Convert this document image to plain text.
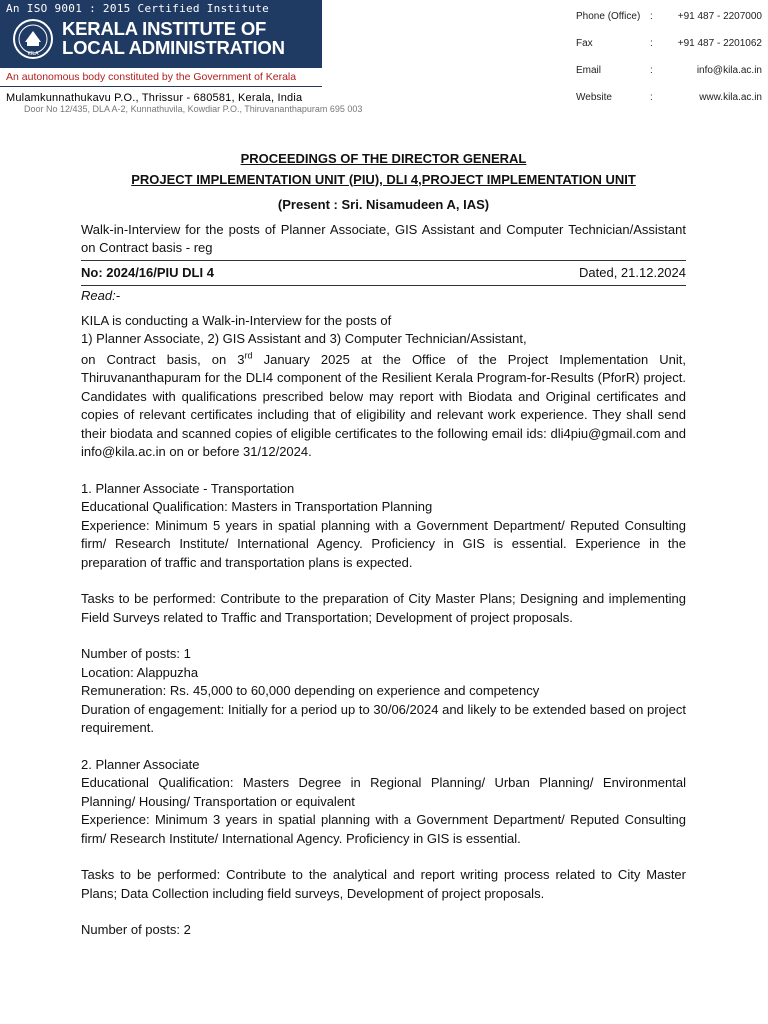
An ISO 9001 : 2015 Certified Institute
KILA
KERALA INSTITUTE OF
LOCAL ADMINISTRATION
An autonomous body constituted by the Government of Kerala
Mulamkunnathukavu P.O., Thrissur - 680581, Kerala, India
Door No 12/435, DLA A-2, Kunnathuvila, Kowdiar P.O., Thiruvananthapuram 695 003
Phone (Office) : +91 487 - 2207000
Fax	: +91 487 - 2201062
Email	:	info@kila.ac.in
Website	:	www.kila.ac.in
PROCEEDINGS OF THE DIRECTOR GENERAL
PROJECT IMPLEMENTATION UNIT (PIU), DLI 4,PROJECT IMPLEMENTATION UNIT
(Present : Sri. Nisamudeen A, IAS)

Walk-in-Interview for the posts of Planner Associate, GIS Assistant and Computer Technician/Assistant on Contract basis - reg

No: 2024/16/PIU DLI 4	Dated, 21.12.2024
Read:-

KILA is conducting a Walk-in-Interview for the posts of

1) Planner Associate, 2) GIS Assistant and 3) Computer Technician/Assistant,

on Contract basis, on 3rd January 2025 at the Office of the Project Implementation Unit, Thiruvananthapuram for the DLI4 component of the Resilient Kerala Program-for-Results (PforR) project. Candidates with qualifications prescribed below may report with Biodata and Original certificates and copies of relevant certificates including that of eligibility and relevant work experience. They shall send their biodata and scanned copies of eligible certificates to the following email ids: dli4piu@gmail.com and info@kila.ac.in on or before 31/12/2024.

1. Planner Associate - Transportation

Educational Qualification: Masters in Transportation Planning

Experience: Minimum 5 years in spatial planning with a Government Department/ Reputed Consulting firm/ Research Institute/ International Agency. Proficiency in GIS is essential. Experience in the preparation of traffic and transportation plans is expected.

Tasks to be performed: Contribute to the preparation of City Master Plans; Designing and implementing Field Surveys related to Traffic and Transportation; Development of project proposals.

Number of posts: 1

Location: Alappuzha

Remuneration: Rs. 45,000 to 60,000 depending on experience and competency

Duration of engagement: Initially for a period up to 30/06/2024 and likely to be extended based on project requirement.

2. Planner Associate

Educational Qualification: Masters Degree in Regional Planning/ Urban Planning/ Environmental Planning/ Housing/ Transportation or equivalent

Experience: Minimum 3 years in spatial planning with a Government Department/ Reputed Consulting firm/ Research Institute/ International Agency. Proficiency in GIS is essential.

Tasks to be performed: Contribute to the analytical and report writing process related to City Master Plans; Data Collection including field surveys, Development of project proposals.

Number of posts: 2
